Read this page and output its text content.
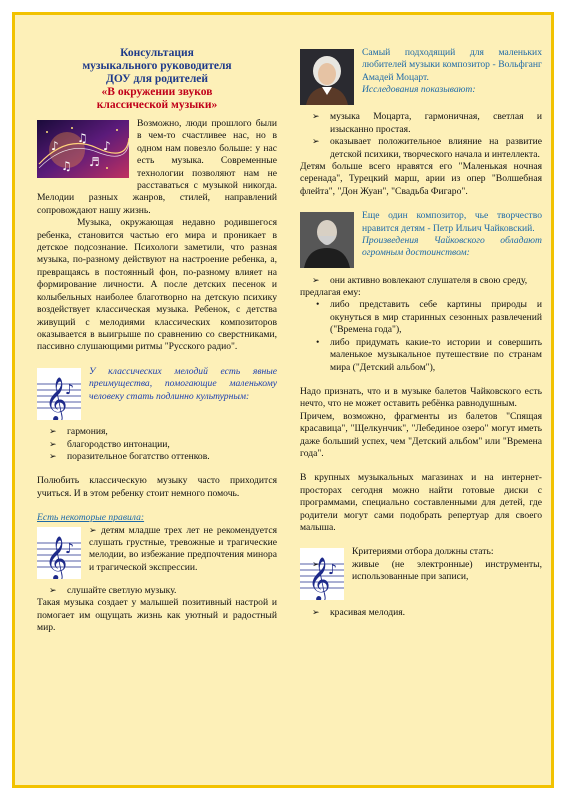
Консультация
музыкального руководителя
ДОУ для родителей
«В окружении звуков
классической музыки»
♪
♫
♪
♬
♫

Возможно, люди прошлого были в чем-то счастливее нас, но в одном нам повезло больше: у нас есть музыка. Современные технологии позволяют нам не расставаться с музыкой никогда. Мелодии разных жанров, стилей, направлений сопровождают нашу жизнь.

Музыка, окружающая недавно родившегося ребенка, становится частью его мира и проникает в детское подсознание. Психологи заметили, что разная музыка, по-разному действуют на настроение ребенка, а, превращаясь в постоянный фон, по-разному влияет на формирование личности. А после детских песенок и колыбельных наиболее благотворно на детскую психику воздействует классическая музыка. Ребенок, с детства живущий с мелодиями классических композиторов оказывается в выигрыше по сравнению со сверстниками, пассивно слушающими ритмы "Русского радио".

𝄞
♪

У классических мелодий есть явные преимущества, помогающие маленькому человеку стать подлинно культурным:

➢ гармония,
➢ благородство интонации,
➢ поразительное богатство оттенков.

Полюбить классическую музыку часто приходится учиться. И в этом ребенку стоит немного помочь.

Есть некоторые правила:

𝄞
♪

➢ детям младше трех лет не рекомендуется слушать грустные, тревожные и трагические мелодии, во избежание предпочтения минора и трагической экспрессии.

➢ слушайте светлую музыку.

Такая музыка создает у малышей позитивный настрой и помогает им ощущать жизнь как уютный и радостный мир.

Самый подходящий для маленьких любителей музыки композитор - Вольфганг Амадей Моцарт.

Исследования показывают:

➢ музыка Моцарта, гармоничная, светлая и изысканно простая.
➢ оказывает положительное влияние на развитие детской психики, творческого начала и интеллекта.

Детям больше всего нравятся его "Маленькая ночная серенада", Турецкий марш, арии из опер "Волшебная флейта", "Дон Жуан", "Свадьба Фигаро".

Еще один композитор, чье творчество нравится детям - Петр Ильич Чайковский.

Произведения Чайковского обладают огромным достоинством:

➢ они активно вовлекают слушателя в свою среду, предлагая ему:
• либо представить себе картины природы и окунуться в мир старинных сезонных развлечений ("Времена года"),
• либо придумать какие-то истории и совершить маленькое музыкальное путешествие по странам мира ("Детский альбом"),

Надо признать, что и в музыке балетов Чайковского есть нечто, что не может оставить ребёнка равнодушным.

Причем, возможно, фрагменты из балетов "Спящая красавица", "Щелкунчик", "Лебединое озеро" могут иметь даже больший успех, чем "Детский альбом" или "Времена года".

В крупных музыкальных магазинах и на интернет-просторах сегодня можно найти готовые диски с программами, специально составленными для детей, где родители могут сами подобрать репертуар для своего малыша.

𝄞
♪

Критериями отбора должны стать:

➢ живые (не электронные) инструменты, использованные при записи,
➢ красивая мелодия.
